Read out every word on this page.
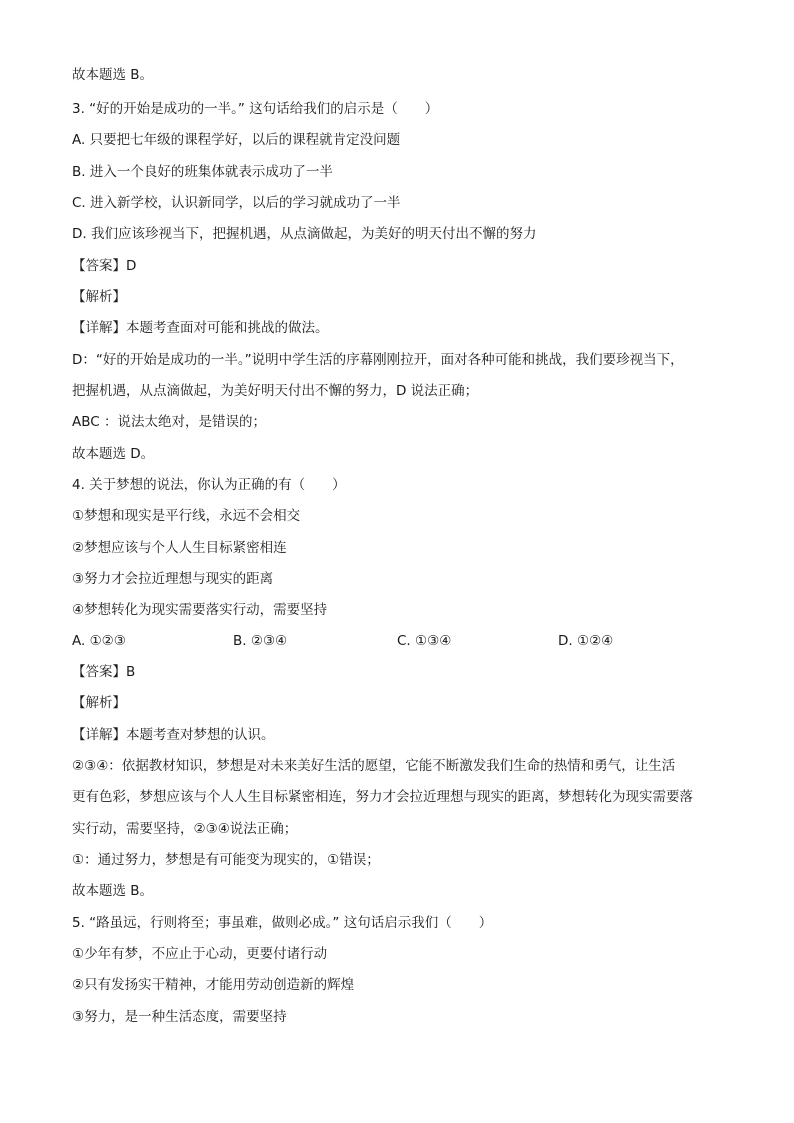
故本题选 B。
3. “好的开始是成功的一半。” 这句话给我们的启示是（　　）
A. 只要把七年级的课程学好，以后的课程就肯定没问题
B. 进入一个良好的班集体就表示成功了一半
C. 进入新学校，认识新同学，以后的学习就成功了一半
D. 我们应该珍视当下，把握机遇，从点滴做起，为美好的明天付出不懈的努力
【答案】D
【解析】
【详解】本题考查面对可能和挑战的做法。
D：“好的开始是成功的一半。”说明中学生活的序幕刚刚拉开，面对各种可能和挑战，我们要珍视当下，
把握机遇，从点滴做起，为美好明天付出不懈的努力，D 说法正确；
ABC ：说法太绝对，是错误的；
故本题选 D。
4. 关于梦想的说法，你认为正确的有（　　）
①梦想和现实是平行线，永远不会相交
②梦想应该与个人人生目标紧密相连
③努力才会拉近理想与现实的距离
④梦想转化为现实需要落实行动，需要坚持
A. ①②③	B. ②③④	C. ①③④	D. ①②④
【答案】B
【解析】
【详解】本题考查对梦想的认识。
②③④：依据教材知识，梦想是对未来美好生活的愿望，它能不断激发我们生命的热情和勇气，让生活
更有色彩，梦想应该与个人人生目标紧密相连，努力才会拉近理想与现实的距离，梦想转化为现实需要落
实行动，需要坚持，②③④说法正确；
①：通过努力，梦想是有可能变为现实的，①错误；
故本题选 B。
5. “路虽远，行则将至；事虽难，做则必成。” 这句话启示我们（　　）
①少年有梦，不应止于心动，更要付诸行动
②只有发扬实干精神，才能用劳动创造新的辉煌
③努力，是一种生活态度，需要坚持
